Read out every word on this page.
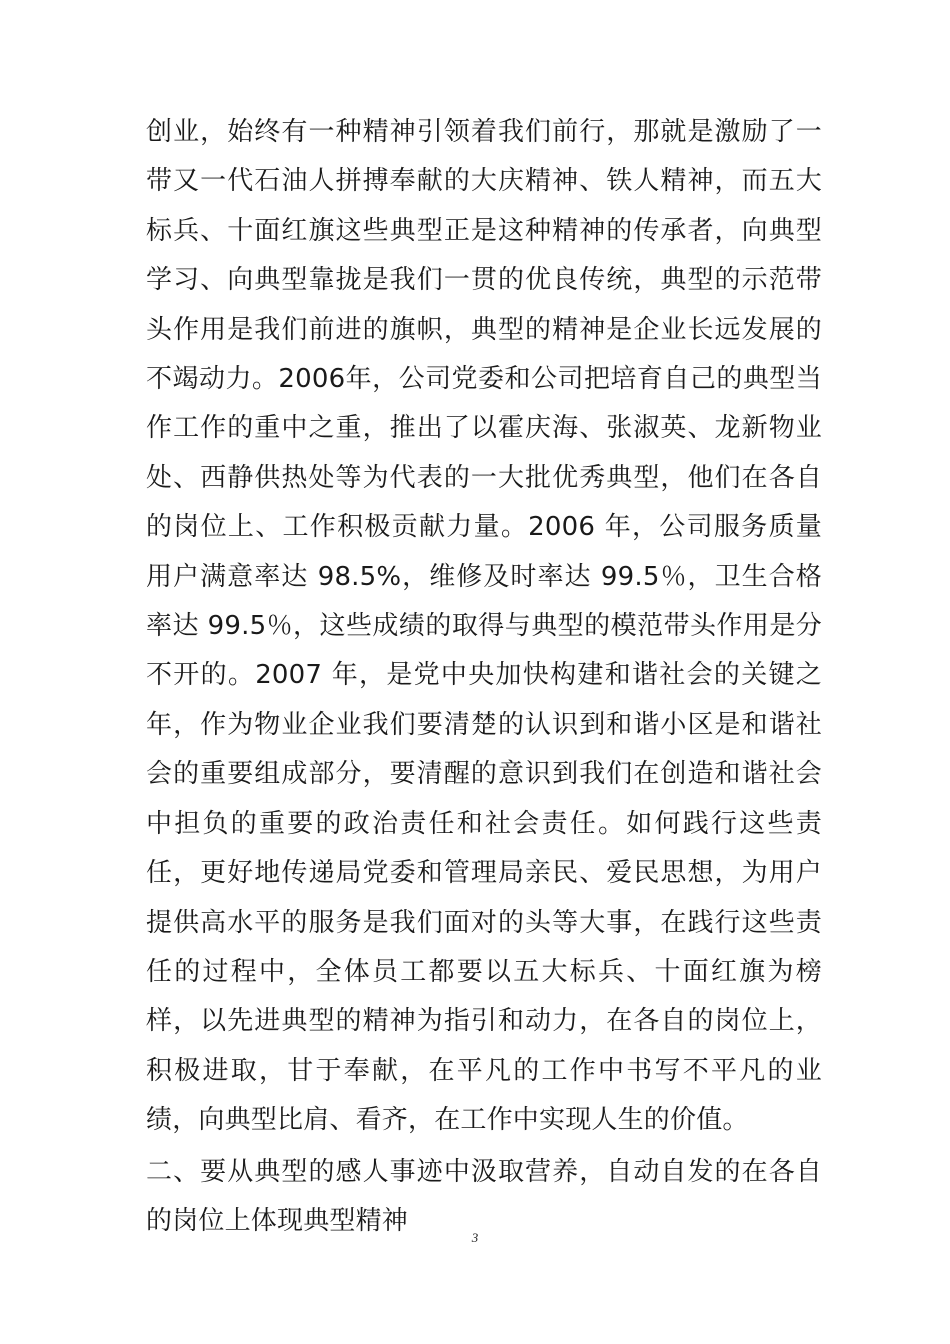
创业，始终有一种精神引领着我们前行，那就是激励了一带又一代石油人拼搏奉献的大庆精神、铁人精神，而五大标兵、十面红旗这些典型正是这种精神的传承者，向典型学习、向典型靠拢是我们一贯的优良传统，典型的示范带头作用是我们前进的旗帜，典型的精神是企业长远发展的不竭动力。2006年，公司党委和公司把培育自己的典型当作工作的重中之重，推出了以霍庆海、张淑英、龙新物业处、西静供热处等为代表的一大批优秀典型，他们在各自的岗位上、工作积极贡献力量。2006 年，公司服务质量用户满意率达 98.5%，维修及时率达 99.5％，卫生合格率达 99.5％，这些成绩的取得与典型的模范带头作用是分不开的。2007 年，是党中央加快构建和谐社会的关键之年，作为物业企业我们要清楚的认识到和谐小区是和谐社会的重要组成部分，要清醒的意识到我们在创造和谐社会中担负的重要的政治责任和社会责任。如何践行这些责任，更好地传递局党委和管理局亲民、爱民思想，为用户提供高水平的服务是我们面对的头等大事，在践行这些责任的过程中，全体员工都要以五大标兵、十面红旗为榜样，以先进典型的精神为指引和动力，在各自的岗位上，积极进取，甘于奉献，在平凡的工作中书写不平凡的业绩，向典型比肩、看齐，在工作中实现人生的价值。

二、要从典型的感人事迹中汲取营养，自动自发的在各自的岗位上体现典型精神

3
